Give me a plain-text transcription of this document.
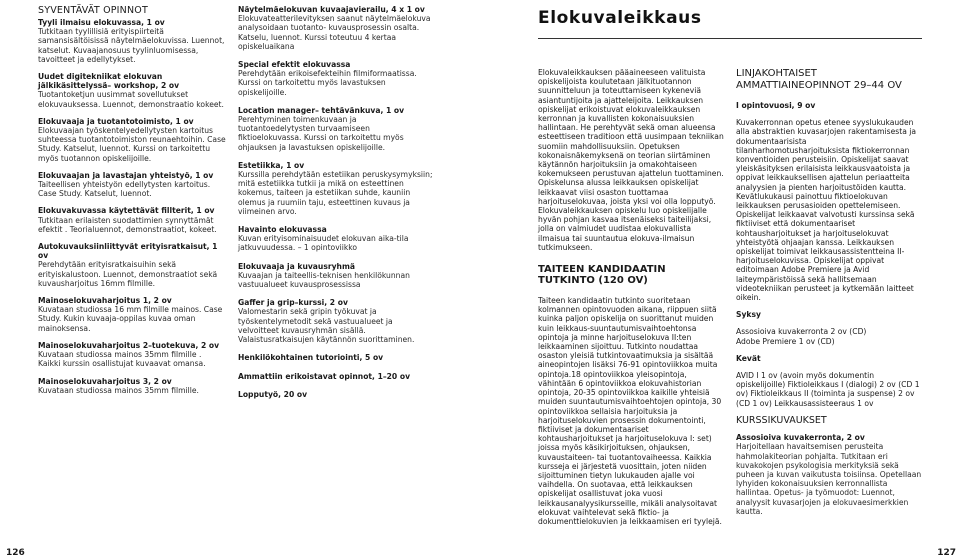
SYVENTÄVÄT OPINNOT
Tyyli ilmaisu elokuvassa, 1 ov
Tutkitaan tyylillisiä erityispiirteitä samansisältöisissä näytelmäelokuvissa. Luennot, katselut. Kuvaajanosuus tyylinluomisessa, tavoitteet ja edellytykset.
Uudet digitekniikat elokuvan jälkikäsittelyssä– workshop, 2 ov
Tuotantoketjun uusimmat sovellutukset elokuvauksessa. Luennot, demonstraatio kokeet.
Elokuvaaja ja tuotantotoimisto, 1 ov
Elokuvaajan työskentelyedellytysten kartoitus suhteessa tuotantotoimiston reunaehtoihin. Case Study. Katselut, luennot. Kurssi on tarkoitettu myös tuotannon opiskelijoille.
Elokuvaajan ja lavastajan yhteistyö, 1 ov
Taiteellisen yhteistyön edellytysten kartoitus. Case Study. Katselut, luennot.
Elokuvakuvassa käytettävät fillterit, 1 ov
Tutkitaan erilaisten suodattimien synnyttämät efektit . Teorialuennot, demonstraatiot, kokeet.
Autokuvauksiinliittyvät erityisratkaisut, 1 ov
Perehdytään erityisratkaisuihin sekä erityiskalustoon. Luennot, demonstraatiot sekä kuvausharjoitus 16mm filmille.
Mainoselokuvaharjoitus 1, 2 ov
Kuvataan studiossa 16 mm filmille mainos. Case Study. Kukin kuvaaja-oppilas kuvaa oman mainoksensa.
Mainoselokuvaharjoitus 2–tuotekuva, 2 ov
Kuvataan studiossa mainos 35mm filmille . Kaikki kurssin osallistujat kuvaavat omansa.
Mainoselokuvaharjoitus 3, 2 ov
Kuvataan studiossa mainos 35mm filmille.
Näytelmäelokuvan kuvaajavierailu, 4 x 1 ov
Elokuvateatterilevityksen saanut näytelmäelokuva analysoidaan tuotanto- kuvausprosessin osalta. Katselu, luennot. Kurssi toteutuu 4 kertaa opiskeluaikana
Special efektit elokuvassa
Perehdytään erikoisefekteihin filmiformaatissa. Kurssi on tarkoitettu myös lavastuksen opiskelijoille.
Location manager– tehtävänkuva, 1 ov
Perehtyminen toimenkuvaan ja tuotantoedelytysten turvaamiseen fiktioelokuvassa. Kurssi on tarkoitettu myös ohjauksen ja lavastuksen opiskelijoille.
Estetiikka, 1 ov
Kurssilla perehdytään estetiikan peruskysymyksiin; mitä estetiikka tutkii ja mikä on esteettinen kokemus, taiteen ja estetiikan suhde, kauniin olemus ja ruumiin taju, esteettinen kuvaus ja viimeinen arvo.
Havainto elokuvassa
Kuvan erityisominaisuudet elokuvan aika-tila jatkuvuudessa. – 1 opintoviikko
Elokuvaaja ja kuvausryhmä
Kuvaajan ja taiteellis-teknisen henkilökunnan vastuualueet kuvausprosessissa
Gaffer ja grip–kurssi, 2 ov
Valomestarin sekä gripin työkuvat ja työskentelymetodit sekä vastuualueet ja velvoitteet kuvausryhmän sisällä. Valaistusratkaisujen käytännön suorittaminen.
Henkilökohtainen tutoriointi, 5 ov
Ammattiin erikoistavat opinnot, 1–20 ov
Lopputyö, 20 ov
Elokuvaleikkaus
Elokuvaleikkauksen pääaineeseen valituista opiskelijoista koulutetaan jälkituotannon suunnitteluun ja toteuttamiseen kykeneviä asiantuntijoita ja ajatteleijoita. Leikkauksen opiskelijat erikoistuvat elokuvaleikkauksen kerronnan ja kuvallisten kokonaisuuksien hallintaan. He perehtyvät sekä oman alueensa esteettiseen traditioon että uusimpaan tekniikan suomiin mahdollisuuksiin. Opetuksen kokonaisnäkemyksenä on teorian siirtäminen käytännön harjoituksiin ja omakohtaiseen kokemukseen perustuvan ajattelun tuottaminen. Opiskelunsa alussa leikkauksen opiskelijat leikkaavat viisi osaston tuottamaa harjoituselokuvaa, joista yksi voi olla lopputyö. Elokuvaleikkauksen opiskelu luo opiskelijalle hyvän pohjan kasvaa itsenäiseksi taiteilijaksi, jolla on valmiudet uudistaa elokuvallista ilmaisua tai suuntautua elokuva-ilmaisun tutkimukseen.
TAITEEN KANDIDAATIN TUTKINTO (120 OV)
Taiteen kandidaatin tutkinto suoritetaan kolmannen opintovuoden aikana, riippuen siitä kuinka paljon opiskelija on suorittanut muiden kuin leikkaus-suuntautumisvaihtoehtonsa opintoja ja minne harjoituselokuva II:ten leikkaaminen sijoittuu. Tutkinto noudattaa osaston yleisiä tutkintovaatimuksia ja sisältää aineopintojen lisäksi 76-91 opintoviikkoa muita opintoja.18 opintoviikkoa yleisopintoja, vähintään 6 opintoviikkoa elokuvahistorian opintoja, 20-35 opintoviikkoa kaikille yhteisiä muiden suuntautumisvaihtoehtojen opintoja, 30 opintoviikkoa sellaisia harjoituksia ja harjoituselokuvien prosessin dokumentointi, fiktiiviset ja dokumentaariset kohtausharjoitukset ja harjoituselokuva I: set) joissa myös käsikirjoituksen, ohjauksen, kuvaustaiteen- tai tuotantovaiheessa. Kaikkia kursseja ei järjestetä vuosittain, joten niiden sijoittuminen tietyn lukukauden ajalle voi vaihdella. On suotavaa, että leikkauksen opiskelijat osallistuvat joka vuosi leikkausanalyysikursseille, mikäli analysoitavat elokuvat vaihtelevat sekä fiktio- ja dokumenttielokuvien ja leikkaamisen eri tyylejä.
LINJAKOHTAISET AMMATTIAINEOPINNOT 29–44 OV
I opintovuosi, 9 ov

Kuvakerronnan opetus etenee syyslukukauden alla abstraktien kuvasarjojen rakentamisesta ja dokumentaarisista tilanharhomotusharjoituksista fiktiokerronnan konventioiden perusteisiin. Opiskelijat saavat yleiskäsityksen erilaisista leikkausvaatoista ja oppivat leikkauksellisen ajattelun periaatteita analyysien ja pienten harjoitustöiden kautta. Kevätlukukausi painottuu fiktioelokuvan leikkauksen perusasioiden opettelemiseen. Opiskelijat leikkaavat valvotusti kurssinsa sekä fiktiiviset että dokumentaariset kohtausharjoitukset ja harjoituselokuvat yhteistyötä ohjaajan kanssa. Leikkauksen opiskelijat toimivat leikkausassistentteina II-harjoituselokuvissa. Opiskelijat oppivat editoimaan Adobe Premiere ja Avid laiteympäristöissä sekä hallitsemaan videotekniikan perusteet ja kytkemään laitteet oikein.

Syksy

Assosioiva kuvakerronta 2 ov (CD)
Adobe Premiere 1 ov (CD)

Kevät

AVID I 1 ov (avoin myös dokumentin opiskelijoille) Fiktioleikkaus I (dialogi) 2 ov (CD 1 ov) Fiktioleikkaus II (toiminta ja suspense) 2 ov (CD 1 ov) Leikkausassisteeraus 1 ov

KURSSIKUVAUKSET
Assosioiva kuvakerronta, 2 ov
Harjoitellaan havaitsemisen perusteita hahmolakiteorian pohjalta. Tutkitaan eri kuvakokojen psykologisia merkityksiä sekä puheen ja kuvan vaikutusta toisiinsa. Opetellaan lyhyiden kokonaisuuksien kerronnallista hallintaa. Opetus- ja työmuodot: Luennot, analyysit kuvasarjojen ja elokuvaesimerkkien kautta.
126	127
